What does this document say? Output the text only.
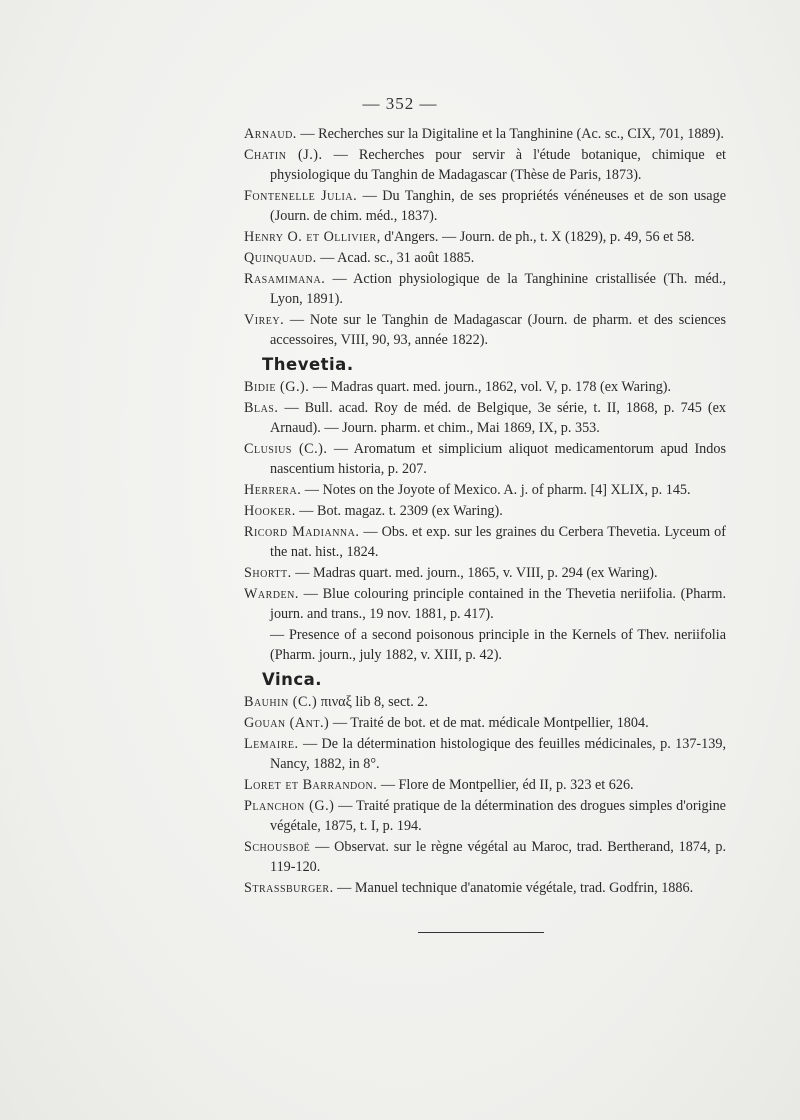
— 352 —
Arnaud. — Recherches sur la Digitaline et la Tanghinine (Ac. sc., CIX, 701, 1889).
Chatin (J.). — Recherches pour servir à l'étude botanique, chimique et physiologique du Tanghin de Madagascar (Thèse de Paris, 1873).
Fontenelle Julia. — Du Tanghin, de ses propriétés vénéneuses et de son usage (Journ. de chim. méd., 1837).
Henry O. et Ollivier, d'Angers. — Journ. de ph., t. X (1829), p. 49, 56 et 58.
Quinquaud. — Acad. sc., 31 août 1885.
Rasamimana. — Action physiologique de la Tanghinine cristallisée (Th. méd., Lyon, 1891).
Virey. — Note sur le Tanghin de Madagascar (Journ. de pharm. et des sciences accessoires, VIII, 90, 93, année 1822).
Thevetia.
Bidie (G.). — Madras quart. med. journ., 1862, vol. V, p. 178 (ex Waring).
Blas. — Bull. acad. Roy de méd. de Belgique, 3e série, t. II, 1868, p. 745 (ex Arnaud). — Journ. pharm. et chim., Mai 1869, IX, p. 353.
Clusius (C.). — Aromatum et simplicium aliquot medicamentorum apud Indos nascentium historia, p. 207.
Herrera. — Notes on the Joyote of Mexico. A. j. of pharm. [4] XLIX, p. 145.
Hooker. — Bot. magaz. t. 2309 (ex Waring).
Ricord Madianna. — Obs. et exp. sur les graines du Cerbera Thevetia. Lyceum of the nat. hist., 1824.
Shortt. — Madras quart. med. journ., 1865, v. VIII, p. 294 (ex Waring).
Warden. — Blue colouring principle contained in the Thevetia neriifolia. (Pharm. journ. and trans., 19 nov. 1881, p. 417).
— Presence of a second poisonous principle in the Kernels of Thev. neriifolia (Pharm. journ., july 1882, v. XIII, p. 42).
Vinca.
Bauhin (C.) πιναξ lib 8, sect. 2.
Gouan (Ant.) — Traité de bot. et de mat. médicale Montpellier, 1804.
Lemaire. — De la détermination histologique des feuilles médicinales, p. 137-139, Nancy, 1882, in 8°.
Loret et Barrandon. — Flore de Montpellier, éd II, p. 323 et 626.
Planchon (G.) — Traité pratique de la détermination des drogues simples d'origine végétale, 1875, t. I, p. 194.
Schousboë — Observat. sur le règne végétal au Maroc, trad. Bertherand, 1874, p. 119-120.
Strassburger. — Manuel technique d'anatomie végétale, trad. Godfrin, 1886.
